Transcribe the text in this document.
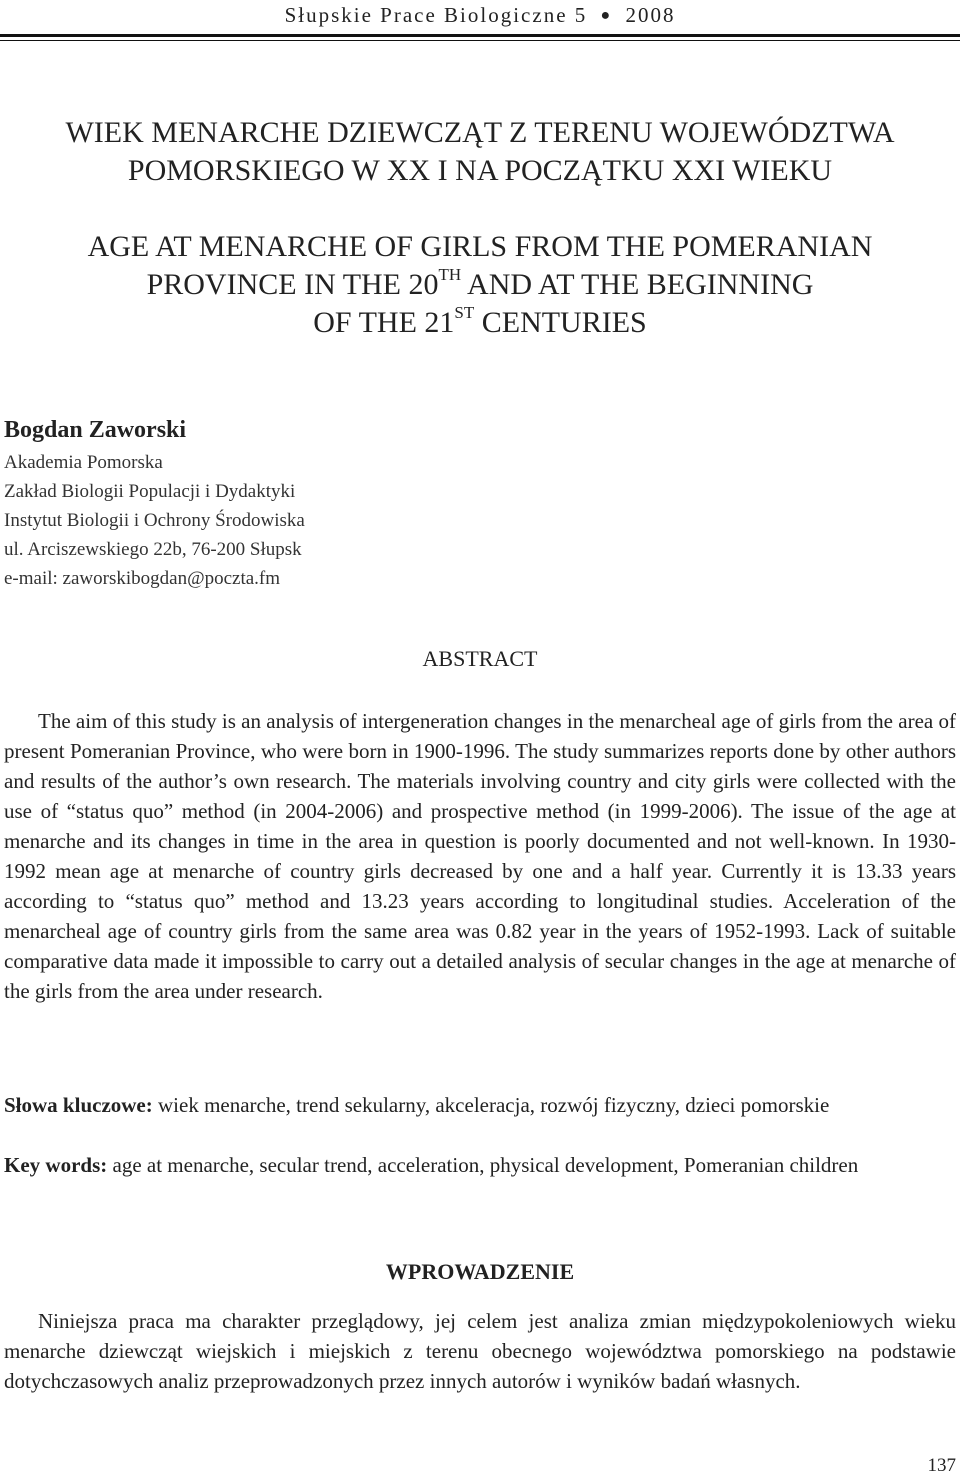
Słupskie Prace Biologiczne 5 ● 2008
WIEK MENARCHE DZIEWCZĄT Z TERENU WOJEWÓDZTWA
POMORSKIEGO W XX I NA POCZĄTKU XXI WIEKU
AGE AT MENARCHE OF GIRLS FROM THE POMERANIAN
PROVINCE IN THE 20TH AND AT THE BEGINNING
OF THE 21ST CENTURIES
Bogdan Zaworski
Akademia Pomorska
Zakład Biologii Populacji i Dydaktyki
Instytut Biologii i Ochrony Środowiska
ul. Arciszewskiego 22b, 76-200 Słupsk
e-mail: zaworskibogdan@poczta.fm
ABSTRACT
The aim of this study is an analysis of intergeneration changes in the menarcheal age of girls from the area of present Pomeranian Province, who were born in 1900-1996. The study summarizes reports done by other authors and results of the author’s own research. The materials involving country and city girls were collected with the use of “status quo” method (in 2004-2006) and prospective method (in 1999-2006). The issue of the age at menarche and its changes in time in the area in question is poorly documented and not well-known. In 1930-1992 mean age at menarche of country girls decreased by one and a half year. Currently it is 13.33 years according to “status quo” method and 13.23 years according to longitudinal studies. Acceleration of the menarcheal age of country girls from the same area was 0.82 year in the years of 1952-1993. Lack of suitable comparative data made it impossible to carry out a detailed analysis of secular changes in the age at menarche of the girls from the area under research.
Słowa kluczowe: wiek menarche, trend sekularny, akceleracja, rozwój fizyczny, dzieci pomorskie
Key words: age at menarche, secular trend, acceleration, physical development, Pomeranian children
WPROWADZENIE
Niniejsza praca ma charakter przeglądowy, jej celem jest analiza zmian międzypokoleniowych wieku menarche dziewcząt wiejskich i miejskich z terenu obecnego województwa pomorskiego na podstawie dotychczasowych analiz przeprowadzonych przez innych autorów i wyników badań własnych.
137
